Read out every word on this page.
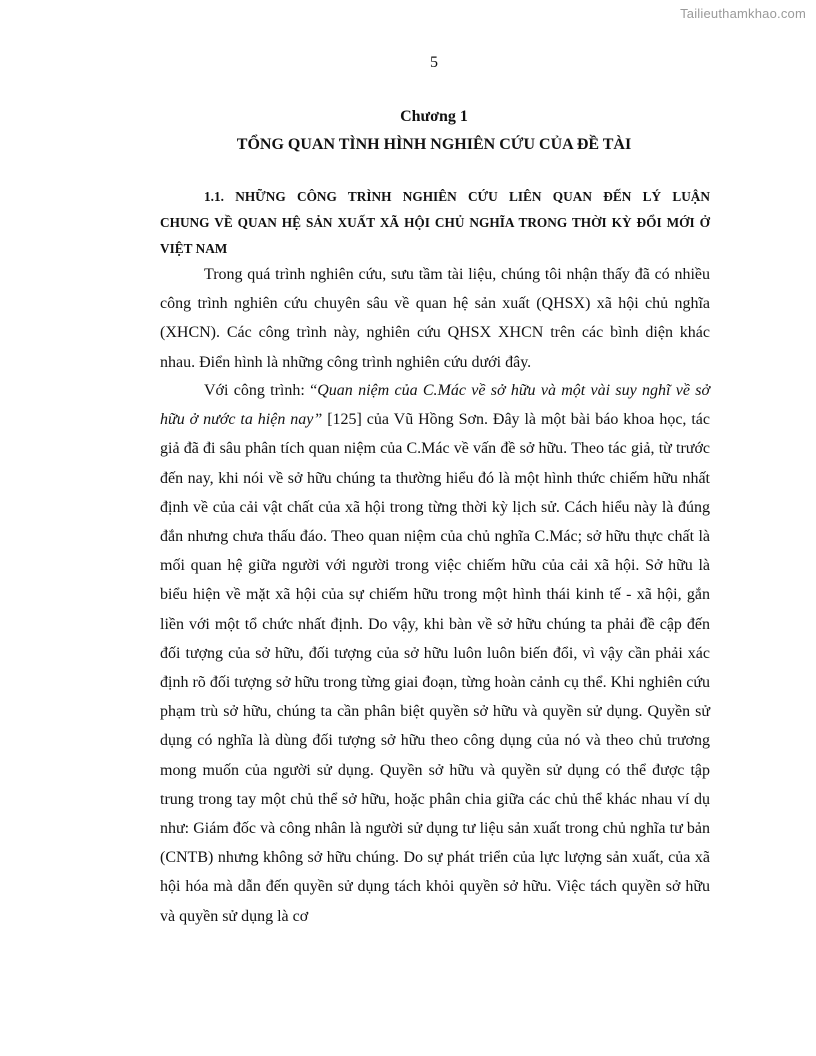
Tailieuthamkhao.com
5
Chương 1
TỔNG QUAN TÌNH HÌNH NGHIÊN CỨU CỦA ĐỀ TÀI
1.1. NHỮNG CÔNG TRÌNH NGHIÊN CỨU LIÊN QUAN ĐẾN LÝ LUẬN
CHUNG VỀ QUAN HỆ SẢN XUẤT XÃ HỘI CHỦ NGHĨA TRONG THỜI KỲ ĐỔI MỚI Ở VIỆT NAM

Trong quá trình nghiên cứu, sưu tầm tài liệu, chúng tôi nhận thấy đã có nhiều công trình nghiên cứu chuyên sâu về quan hệ sản xuất (QHSX) xã hội chủ nghĩa (XHCN). Các công trình này, nghiên cứu QHSX XHCN trên các bình diện khác nhau. Điển hình là những công trình nghiên cứu dưới đây.

Với công trình: “Quan niệm của C.Mác về sở hữu và một vài suy nghĩ về sở hữu ở nước ta hiện nay” [125] của Vũ Hồng Sơn. Đây là một bài báo khoa học, tác giả đã đi sâu phân tích quan niệm của C.Mác về vấn đề sở hữu. Theo tác giả, từ trước đến nay, khi nói về sở hữu chúng ta thường hiểu đó là một hình thức chiếm hữu nhất định về của cải vật chất của xã hội trong từng thời kỳ lịch sử. Cách hiểu này là đúng đắn nhưng chưa thấu đáo. Theo quan niệm của chủ nghĩa C.Mác; sở hữu thực chất là mối quan hệ giữa người với người trong việc chiếm hữu của cải xã hội. Sở hữu là biểu hiện về mặt xã hội của sự chiếm hữu trong một hình thái kinh tế - xã hội, gắn liền với một tổ chức nhất định. Do vậy, khi bàn về sở hữu chúng ta phải đề cập đến đối tượng của sở hữu, đối tượng của sở hữu luôn luôn biến đổi, vì vậy cần phải xác định rõ đối tượng sở hữu trong từng giai đoạn, từng hoàn cảnh cụ thể. Khi nghiên cứu phạm trù sở hữu, chúng ta cần phân biệt quyền sở hữu và quyền sử dụng. Quyền sử dụng có nghĩa là dùng đối tượng sở hữu theo công dụng của nó và theo chủ trương mong muốn của người sử dụng. Quyền sở hữu và quyền sử dụng có thể được tập trung trong tay một chủ thể sở hữu, hoặc phân chia giữa các chủ thể khác nhau ví dụ như: Giám đốc và công nhân là người sử dụng tư liệu sản xuất trong chủ nghĩa tư bản (CNTB) nhưng không sở hữu chúng. Do sự phát triển của lực lượng sản xuất, của xã hội hóa mà dẫn đến quyền sử dụng tách khỏi quyền sở hữu. Việc tách quyền sở hữu và quyền sử dụng là cơ
